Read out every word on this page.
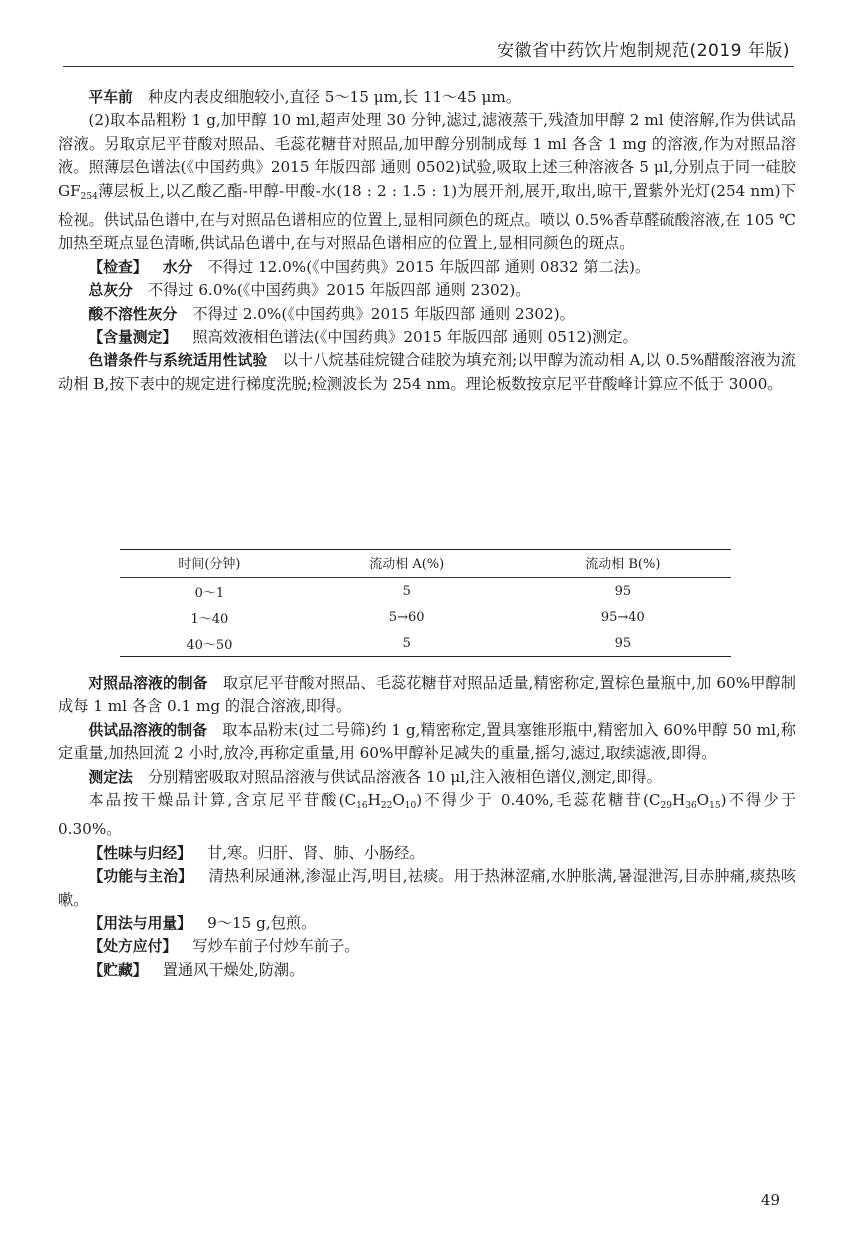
安徽省中药饮片炮制规范(2019 年版)

平车前 种皮内表皮细胞较小,直径 5～15 μm,长 11～45 μm。

(2)取本品粗粉 1 g,加甲醇 10 ml,超声处理 30 分钟,滤过,滤液蒸干,残渣加甲醇 2 ml 使溶解,作为供试品溶液。另取京尼平苷酸对照品、毛蕊花糖苷对照品,加甲醇分别制成每 1 ml 各含 1 mg 的溶液,作为对照品溶液。照薄层色谱法(《中国药典》2015 年版四部 通则 0502)试验,吸取上述三种溶液各 5 μl,分别点于同一硅胶 $GF_{254}$薄层板上,以乙酸乙酯-甲醇-甲酸-水(18 : 2 : 1.5 : 1)为展开剂,展开,取出,晾干,置紫外光灯(254 nm)下检视。供试品色谱中,在与对照品色谱相应的位置上,显相同颜色的斑点。喷以 0.5%香草醛硫酸溶液,在 105 ℃加热至斑点显色清晰,供试品色谱中,在与对照品色谱相应的位置上,显相同颜色的斑点。

【检查】 水分 不得过 12.0%(《中国药典》2015 年版四部 通则 0832 第二法)。

总灰分 不得过 6.0%(《中国药典》2015 年版四部 通则 2302)。

酸不溶性灰分 不得过 2.0%(《中国药典》2015 年版四部 通则 2302)。

【含量测定】 照高效液相色谱法(《中国药典》2015 年版四部 通则 0512)测定。

色谱条件与系统适用性试验 以十八烷基硅烷键合硅胶为填充剂;以甲醇为流动相 A,以 0.5%醋酸溶液为流动相 B,按下表中的规定进行梯度洗脱;检测波长为 254 nm。理论板数按京尼平苷酸峰计算应不低于 3000。

时间(分钟)	流动相 A(%)	流动相 B(%)
0～1	5	95
1～40	5→60	95→40
40～50	5	95

对照品溶液的制备 取京尼平苷酸对照品、毛蕊花糖苷对照品适量,精密称定,置棕色量瓶中,加 60%甲醇制成每 1 ml 各含 0.1 mg 的混合溶液,即得。

供试品溶液的制备 取本品粉末(过二号筛)约 1 g,精密称定,置具塞锥形瓶中,精密加入 60%甲醇 50 ml,称定重量,加热回流 2 小时,放冷,再称定重量,用 60%甲醇补足减失的重量,摇匀,滤过,取续滤液,即得。

测定法 分别精密吸取对照品溶液与供试品溶液各 10 μl,注入液相色谱仪,测定,即得。

本品按干燥品计算,含京尼平苷酸$(C_{16}H_{22}O_{10})$不得少于 0.40%,毛蕊花糖苷$(C_{29}H_{36}O_{15})$不得少于 0.30%。

【性味与归经】 甘,寒。归肝、肾、肺、小肠经。

【功能与主治】 清热利尿通淋,渗湿止泻,明目,祛痰。用于热淋涩痛,水肿胀满,暑湿泄泻,目赤肿痛,痰热咳嗽。

【用法与用量】 9～15 g,包煎。

【处方应付】 写炒车前子付炒车前子。

【贮藏】 置通风干燥处,防潮。

49
